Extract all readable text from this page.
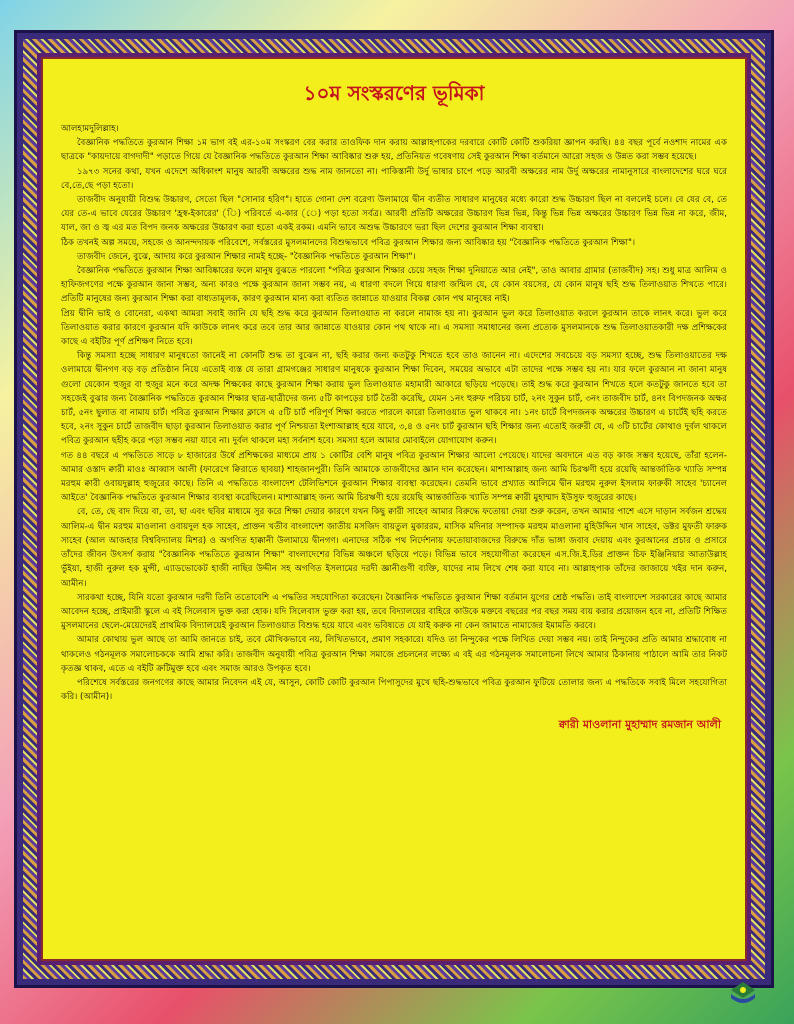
১০ম সংস্করণের ভূমিকা

আলহামদুলিল্লাহ।

বৈজ্ঞানিক পদ্ধতিতে কুরআন শিক্ষা ১ম ভাগ বই এর-১০ম সংস্করণ বের করার তাওফিক দান করায় আল্লাহপাকের দরবারে কোটি কোটি শুকরিয়া জ্ঞাপন করছি। ৪৪ বছর পূর্বে নওশাদ নামের এক ছাত্রকে "কায়দায়ে বাগদাদী" পড়াতে গিয়ে যে বৈজ্ঞানিক পদ্ধতিতে কুরআন শিক্ষা আবিষ্কার শুরু হয়, প্রতিনিয়ত গবেষণায় সেই কুরআন শিক্ষা বর্তমানে আরো সহজ ও উন্নত করা সম্ভব হয়েছে।

১৯৭৩ সনের কথা, যখন এদেশে অধিকাংশ মানুষ আরবী অক্ষরের শুদ্ধ নাম জানতো না। পাকিস্তানী উর্দু ভাষার চাপে পড়ে আরবী অক্ষরের নাম উর্দু অক্ষরের নামানুসারে বাংলাদেশের ঘরে ঘরে বে,তে,ছে পড়া হতো।

তাজবীদ অনুযায়ী বিশুদ্ধ উচ্চারণ, সেতো ছিল "সোনার হরিণ"। হাতে গোনা দেশ বরেণ্য উলামায়ে দ্বীন ব্যতীত সাধারণ মানুষের মধ্যে কারো শুদ্ধ উচ্চারণ ছিল না বললেই চলে। বে যের বে, তে যের তে-এ ভাবে যেরের উচ্চারণ 'হ্রস্ব-ইকারের' (ি) পরিবর্তে এ-কার (ে) পড়া হতো সর্বত্র। আরবী প্রতিটি অক্ষরের উচ্চারণ ভিন্ন ভিন্ন, কিন্তু ভিন্ন ভিন্ন অক্ষরের উচ্চারণ ভিন্ন ভিন্ন না করে, জীম, যাল, জা ও জ্ব এর মত বিপদ জনক অক্ষরের উচ্চারণ করা হতো একই রকম। এমনি ভাবে অশুদ্ধ উচ্চারণে ভরা ছিল দেশের কুরআন শিক্ষা ব্যবস্থা।

ঠিক তখনই অল্প সময়ে, সহজে ও আনন্দদায়ক পরিবেশে, সর্বস্তরের মুসলমানদের বিশুদ্ধভাবে পবিত্র কুরআন শিক্ষার জন্য আবিষ্কার হয় "বৈজ্ঞানিক পদ্ধতিতে কুরআন শিক্ষা"।

তাজবীদ জেনে, বুঝে, আদায় করে কুরআন শিক্ষার নামই হচ্ছে- "বৈজ্ঞানিক পদ্ধতিতে কুরআন শিক্ষা"।

বৈজ্ঞানিক পদ্ধতিতে কুরআন শিক্ষা আবিষ্কারের ফলে মানুষ বুঝতে পারলো "পবিত্র কুরআন শিক্ষার চেয়ে সহজ শিক্ষা দুনিয়াতে আর নেই", তাও আবার গ্রামার (তাজবীদ) সহ। শুধু মাত্র আলিম ও হাফিজগণের পক্ষে কুরআন জানা সম্ভব, অন্য কারও পক্ষে কুরআন জানা সম্ভব নয়, এ ধারণা বদলে গিয়ে ধারণা জন্মিল যে, যে কোন বয়সের, যে কোন মানুষ ছহি শুদ্ধ তিলাওয়াত শিখতে পারে। প্রতিটি মানুষের জন্য কুরআন শিক্ষা করা বাধ্যতামূলক, কারণ কুরআন মান্য করা ব্যতিত জান্নাতে যাওয়ার বিকল্প কোন পথ মানুষের নাই।

প্রিয় দ্বীনি ভাই ও বোনেরা, একথা আমরা সবাই জানি যে ছহি শুদ্ধ করে কুরআন তিলাওয়াত না করলে নামাজ হয় না। কুরআন ভুল করে তিলাওয়াত করলে কুরআন তাকে লানৎ করে। ভুল করে তিলাওয়াত করার কারণে কুরআন যদি কাউকে লানৎ করে তবে তার আর জান্নাতে যাওয়ার কোন পথ থাকে না। এ সমস্যা সমাধানের জন্য প্রত্যেক মুসলমানকে শুদ্ধ তিলাওয়াতকারী দক্ষ প্রশিক্ষকের কাছে এ বইটির পূর্ণ প্রশিক্ষণ নিতে হবে।

কিন্তু সমস্যা হচ্ছে সাধারণ মানুষতো জানেই না কোনটি শুদ্ধ তা বুঝেন না, ছহি করার জন্য কতটুকু শিখতে হবে তাও জানেন না। এদেশের সবচেয়ে বড় সমস্যা হচ্ছে, শুদ্ধ তিলাওয়াতের দক্ষ ওলামায়ে দ্বীনগণ বড় বড় প্রতিষ্ঠান নিয়ে এতোই ব্যস্ত যে তারা গ্রামগঞ্জের সাধারণ মানুষকে কুরআন শিক্ষা দিবেন, সময়ের অভাবে এটা তাদের পক্ষে সম্ভব হয় না। যার ফলে কুরআন না জানা মানুষ গুলো যেকোন হুজুর বা হুজুর মনে করে অদক্ষ শিক্ষকের কাছে কুরআন শিক্ষা করায় ভুল তিলাওয়াত মহামারী আকারে ছড়িয়ে পড়েছে। তাই শুদ্ধ করে কুরআন শিখতে হলে কতটুকু জানতে হবে তা সহজেই বুঝার জন্য বৈজ্ঞানিক পদ্ধতিতে কুরআন শিক্ষার ছাত্র-ছাত্রীদের জন্য ৫টি কাপড়ের চার্ট তৈরী করেছি, যেমন ১নং হুরুফ পরিচয় চার্ট, ২নং সুকুন চার্ট, ৩নং তাজবীদ চার্ট, ৪নং বিপদজনক অক্ষর চার্ট, ৫নং ছুলাত বা নামায চার্ট। পবিত্র কুরআন শিক্ষার ক্লাসে এ ৫টি চার্ট পরিপূর্ণ শিক্ষা করতে পারলে কারো তিলাওয়াত ভুল থাকবে না। ১নং চার্টে বিপদজনক অক্ষরের উচ্চারণ এ চার্টেই ছহি করতে হবে, ২নং সুকুন চার্টে তাজবীদ ছাড়া কুরআন তিলাওয়াত করার পূর্ণ নিশ্চয়তা ইংশাআল্লাহ হয়ে যাবে, ৩,৪ ও ৫নং চার্ট কুরআন ছহি শিক্ষার জন্য এতোই জরুরী যে, এ ৩টি চার্টের কোথাও দুর্বল থাকলে পবিত্র কুরআন ছহীহ করে পড়া সম্ভব নয়া যাবে না। দুর্বল থাকলে মহা সর্বনাশ হবে। সমস্যা হলে আমার মোবাইলে যোগাযোগ করুন।

গত ৪৪ বছরে এ পদ্ধতিতে সাড়ে ৮ হাজারের উর্ধে প্রশিক্ষকের মাধ্যমে প্রায় ১ কোটির বেশি মানুষ পবিত্র কুরআন শিক্ষার আলো পেয়েছে। যাদের অবদানে এত বড় কাজ সম্ভব হয়েছে, তাঁরা হলেন-আমার ওস্তাদ ক্বারী মাওঃ আব্বাস আলী (ফারেগে ক্বিরাতে ছাবয়া) শাহজানপুরী। তিনি আমাকে তাজবীদের জ্ঞান দান করেছেন। মাশাআল্লাহ জন্য আমি চিরঋণী হয়ে রয়েছি আন্তর্জাতিক খ্যাতি সম্পন্ন মরহুম ক্বারী ওবায়দুল্লাহ হুজুরের কাছে। তিনি এ পদ্ধতিতে বাংলাদেশ টেলিভিশনে কুরআন শিক্ষার ব্যবস্থা করেছেন। তেমনি ভাবে প্রখ্যাত আলিমে দ্বীন মরহুম নুরুল ইসলাম ফারুকী সাহেব 'চ্যানেল আইতে' বৈজ্ঞানিক পদ্ধতিতে কুরআন শিক্ষার ব্যবস্থা করেছিলেন। মাশাআল্লাহ জন্য আমি চিরঋণী হয়ে রয়েছি আন্তর্জাতিক খ্যাতি সম্পন্ন ক্বারী মুহাম্মাদ ইউসুফ হুজুরের কাছে।

বে, তে, ছে বাদ দিয়ে বা, তা, ছা এবং ছবির মাধ্যমে সুর করে শিক্ষা দেয়ার কারণে যখন কিছু ক্বারী সাহেব আমার বিরুদ্ধে ফতোয়া দেয়া শুরু করেন, তখন আমার পাশে এসে দাড়ান সর্বজন শ্রদ্ধেয় আলিম-এ দ্বীন মরহুম মাওলানা ওবায়দুল হক সাহেব, প্রাক্তন খতীব বাংলাদেশ জাতীয় মসজিদ বায়তুল মুকাররম, মাসিক মদিনার সম্পাদক মরহুম মাওলানা মুহিউদ্দিন খান সাহেব, ডক্টর মুফতী ফারুক সাহেব (আল আজহার বিশ্ববিদ্যালয় মিশর) ও অগণিত হাক্কানী উলামায়ে দ্বীনগণ। এনাদের সঠিক পথ নির্দেশনায় ফতোয়াবাজদের বিরুদ্ধে দাঁত ভাঙ্গা জবাব দেয়ায় এবং কুরআনের প্রচার ও প্রসারে তাঁদের জীবন উৎসর্গ করায় "বৈজ্ঞানিক পদ্ধতিতে কুরআন শিক্ষা" বাংলাদেশের বিভিন্ন অঞ্চলে ছড়িয়ে পড়ে। বিভিন্ন ভাবে সহযোগীতা করেছেন এস.জি.ই.ডির প্রাক্তন চিফ ইঞ্জিনিয়ার আতাউল্লাহ ভুঁইয়া, হাজী নুরুল হক মুন্সী, এ্যাডভোকেট হাজী নাছির উদ্দীন সহ অগণিত ইসলামের দরদী জ্ঞানীগুণী ব্যক্তি, যাদের নাম লিখে শেষ করা যাবে না। আল্লাহপাক তাঁদের জাজায়ে খইর দান করুন, আমীন।

সারকথা হচ্ছে, যিনি যতো কুরআন দরদী তিনি ততোবেশি এ পদ্ধতির সহযোগিতা করেছেন। বৈজ্ঞানিক পদ্ধতিতে কুরআন শিক্ষা বর্তমান যুগের শ্রেষ্ঠ পদ্ধতি। তাই বাংলাদেশ সরকারের কাছে আমার আবেদন হচ্ছে, প্রাইমারী স্কুলে এ বই সিলেবাস ভুক্ত করা হোক। যদি সিলেবাস ভুক্ত করা হয়, তবে বিদ্যালয়ের বাহিরে কাউকে মক্তবে বছরের পর বছর সময় ব্যয় করার প্রয়োজন হবে না, প্রতিটি শিক্ষিত মুসলমানের ছেলে-মেয়েদেরই প্রাথমিক বিদ্যালয়েই কুরআন তিলাওয়াত বিশুদ্ধ হয়ে যাবে এবং ভবিষ্যতে যে যাই করুক না কেন জামাতে নামাজের ইমামতি করবে।

আমার কোথায় ভুল আছে তা আমি জানতে চাই, তবে মৌখিকভাবে নয়, লিখিতভাবে, প্রমাণ সহকারে। যদিও তা নিন্দুকের পক্ষে লিখিত দেয়া সম্ভব নয়। তাই নিন্দুকের প্রতি আমার শ্রদ্ধাবোধ না থাকলেও গঠনমূলক সমালোচককে আমি শ্রদ্ধা করি। তাজবীদ অনুযায়ী পবিত্র কুরআন শিক্ষা সমাজে প্রচলনের লক্ষ্যে এ বই এর গঠনমূলক সমালোচনা লিখে আমার ঠিকানায় পাঠালে আমি তার নিকট কৃতজ্ঞ থাকব, এতে এ বইটি ক্রটিমুক্ত হবে এবং সমাজ আরও উপকৃত হবে।

পরিশেষে সর্বস্তরের জনগণের কাছে আমার নিবেদন এই যে, আসুন, কোটি কোটি কুরআন পিপাসুদের মুখে ছহি-শুদ্ধভাবে পবিত্র কুরআন ফুটিয়ে তোলার জন্য এ পদ্ধতিকে সবাই মিলে সহযোগিতা করি। (আমীন)।

ক্বারী মাওলানা মুহাম্মাদ রমজান আলী
